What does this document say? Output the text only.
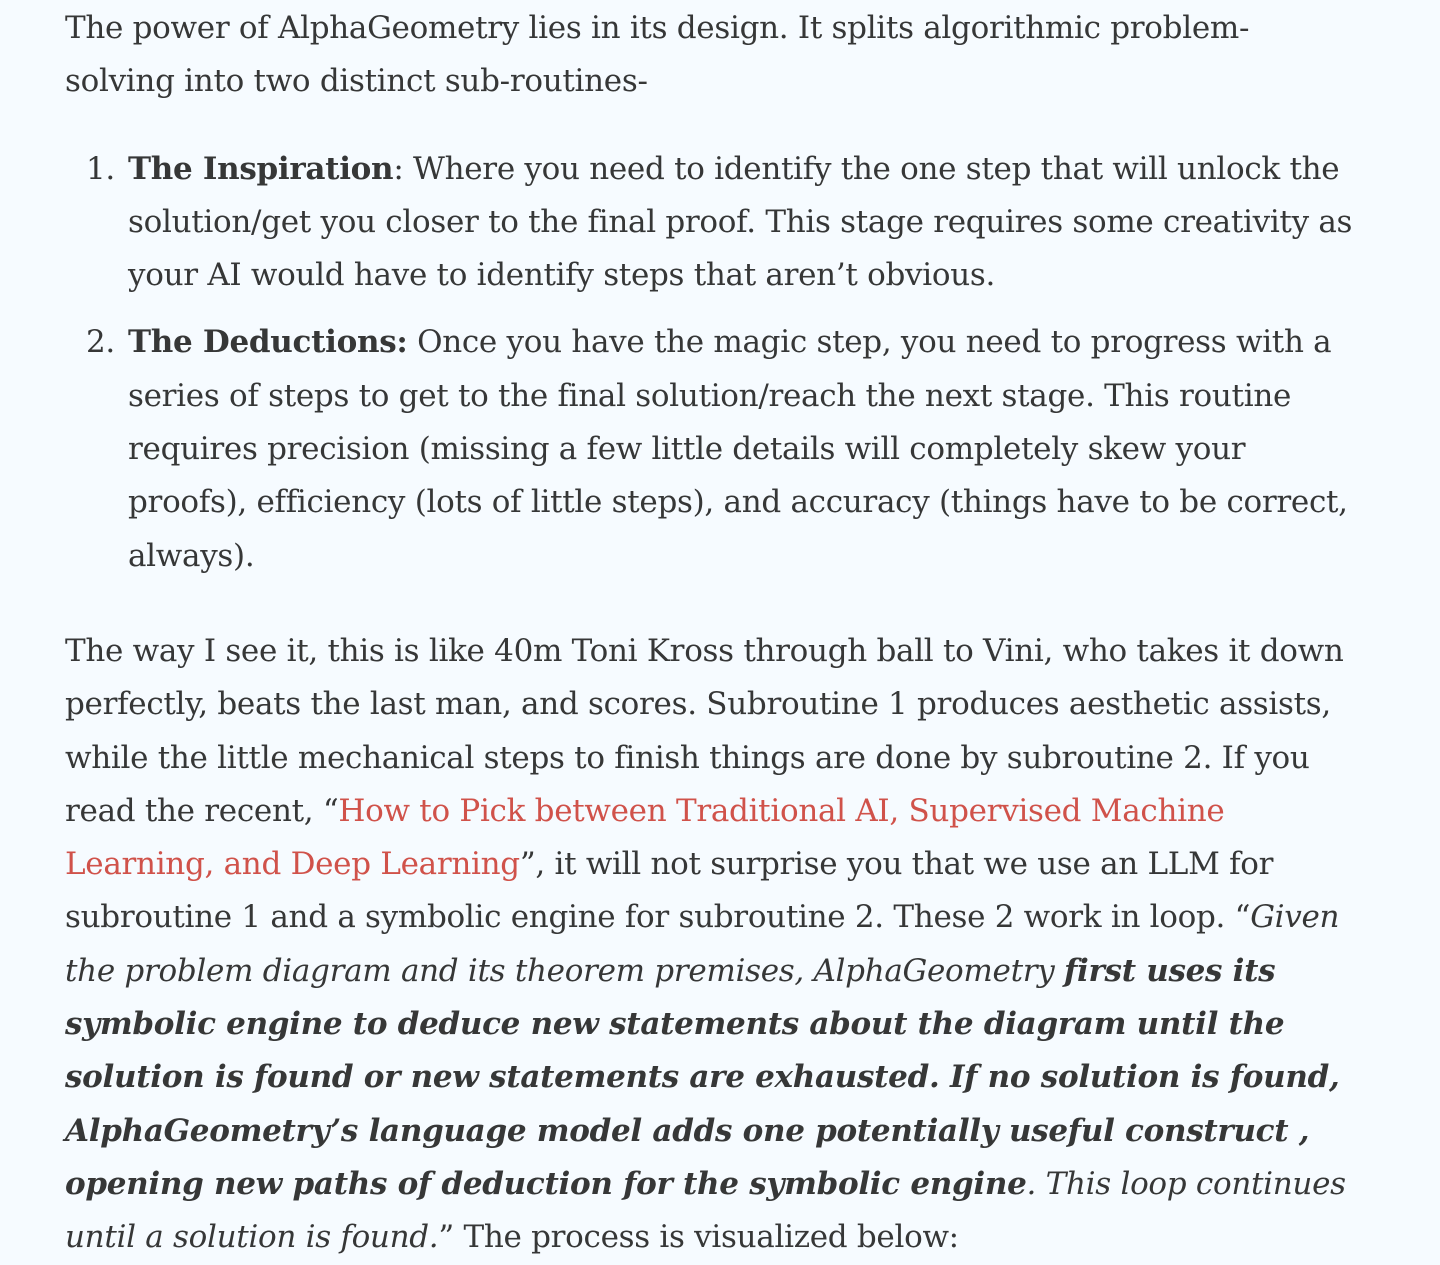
The power of AlphaGeometry lies in its design. It splits algorithmic problem-solving into two distinct sub-routines-

1. The Inspiration: Where you need to identify the one step that will unlock the solution/get you closer to the final proof. This stage requires some creativity as your AI would have to identify steps that aren’t obvious.
2. The Deductions: Once you have the magic step, you need to progress with a series of steps to get to the final solution/reach the next stage. This routine requires precision (missing a few little details will completely skew your proofs), efficiency (lots of little steps), and accuracy (things have to be correct, always).

The way I see it, this is like 40m Toni Kross through ball to Vini, who takes it down perfectly, beats the last man, and scores. Subroutine 1 produces aesthetic assists, while the little mechanical steps to finish things are done by subroutine 2. If you read the recent, “How to Pick between Traditional AI, Supervised Machine Learning, and Deep Learning”, it will not surprise you that we use an LLM for subroutine 1 and a symbolic engine for subroutine 2. These 2 work in loop. “Given the problem diagram and its theorem premises, AlphaGeometry first uses its symbolic engine to deduce new statements about the diagram until the solution is found or new statements are exhausted. If no solution is found, AlphaGeometry’s language model adds one potentially useful construct , opening new paths of deduction for the symbolic engine. This loop continues until a solution is found.” The process is visualized below:
